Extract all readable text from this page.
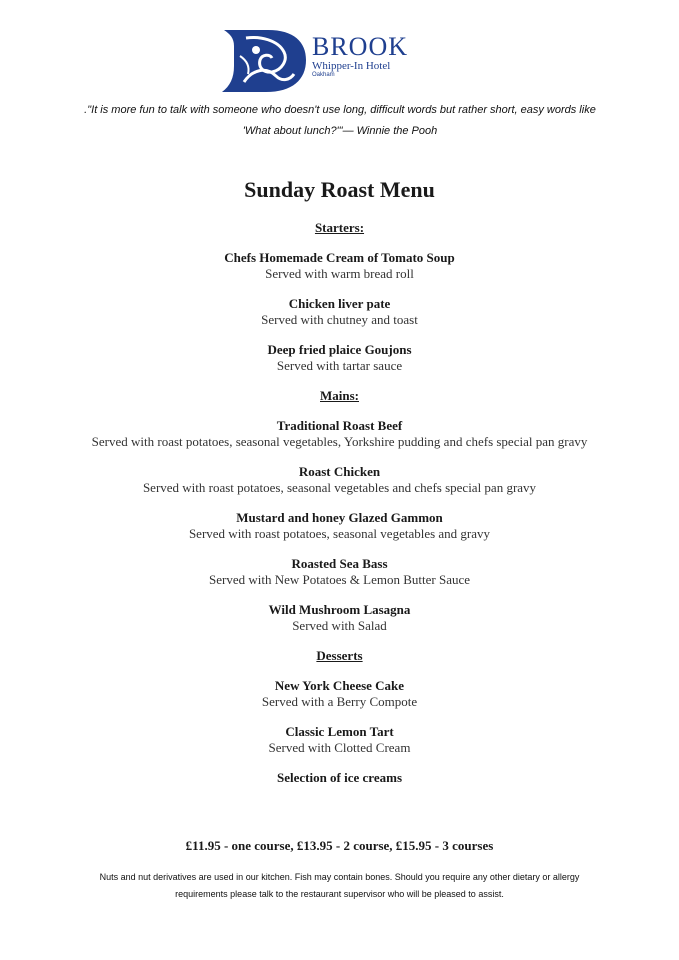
BROOK
Whipper-In Hotel
Oakham
."It is more fun to talk with someone who doesn't use long, difficult words but rather short, easy words like 'What about lunch?'"— Winnie the Pooh
Sunday Roast Menu
Starters:
Chefs Homemade Cream of Tomato Soup
Served with warm bread roll
Chicken liver pate
Served with chutney and toast
Deep fried plaice Goujons
Served with tartar sauce
Mains:
Traditional Roast Beef
Served with roast potatoes, seasonal vegetables, Yorkshire pudding and chefs special pan gravy
Roast Chicken
Served with roast potatoes, seasonal vegetables and chefs special pan gravy
Mustard and honey Glazed Gammon
Served with roast potatoes, seasonal vegetables and gravy
Roasted Sea Bass
Served with New Potatoes & Lemon Butter Sauce
Wild Mushroom Lasagna
Served with Salad
Desserts
New York Cheese Cake
Served with a Berry Compote
Classic Lemon Tart
Served with Clotted Cream
Selection of ice creams
£11.95 - one course, £13.95 - 2 course, £15.95 - 3 courses
Nuts and nut derivatives are used in our kitchen. Fish may contain bones. Should you require any other dietary or allergy requirements please talk to the restaurant supervisor who will be pleased to assist.
